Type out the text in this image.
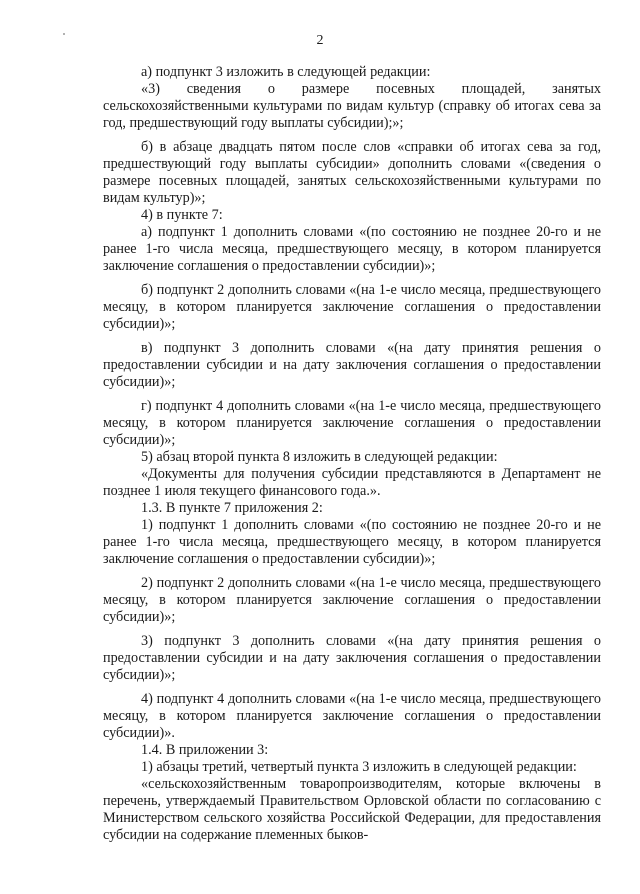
2

а) подпункт 3 изложить в следующей редакции:

«3) сведения о размере посевных площадей, занятых сельскохозяйственными культурами по видам культур (справку об итогах сева за год, предшествующий году выплаты субсидии);»;

б) в абзаце двадцать пятом после слов «справки об итогах сева за год, предшествующий году выплаты субсидии» дополнить словами «(сведения о размере посевных площадей, занятых сельскохозяйственными культурами по видам культур)»;

4) в пункте 7:

а) подпункт 1 дополнить словами «(по состоянию не позднее 20-го и не ранее 1-го числа месяца, предшествующего месяцу, в котором планируется заключение соглашения о предоставлении субсидии)»;

б) подпункт 2 дополнить словами «(на 1-е число месяца, предшествующего месяцу, в котором планируется заключение соглашения о предоставлении субсидии)»;

в) подпункт 3 дополнить словами «(на дату принятия решения о предоставлении субсидии и на дату заключения соглашения о предоставлении субсидии)»;

г) подпункт 4 дополнить словами «(на 1-е число месяца, предшествующего месяцу, в котором планируется заключение соглашения о предоставлении субсидии)»;

5) абзац второй пункта 8 изложить в следующей редакции:

«Документы для получения субсидии представляются в Департамент не позднее 1 июля текущего финансового года.».

1.3. В пункте 7 приложения 2:

1) подпункт 1 дополнить словами «(по состоянию не позднее 20-го и не ранее 1-го числа месяца, предшествующего месяцу, в котором планируется заключение соглашения о предоставлении субсидии)»;

2) подпункт 2 дополнить словами «(на 1-е число месяца, предшествующего месяцу, в котором планируется заключение соглашения о предоставлении субсидии)»;

3) подпункт 3 дополнить словами «(на дату принятия решения о предоставлении субсидии и на дату заключения соглашения о предоставлении субсидии)»;

4) подпункт 4 дополнить словами «(на 1-е число месяца, предшествующего месяцу, в котором планируется заключение соглашения о предоставлении субсидии)».

1.4. В приложении 3:

1) абзацы третий, четвертый пункта 3 изложить в следующей редакции:

«сельскохозяйственным товаропроизводителям, которые включены в перечень, утверждаемый Правительством Орловской области по согласованию с Министерством сельского хозяйства Российской Федерации, для предоставления субсидии на содержание племенных быков-
